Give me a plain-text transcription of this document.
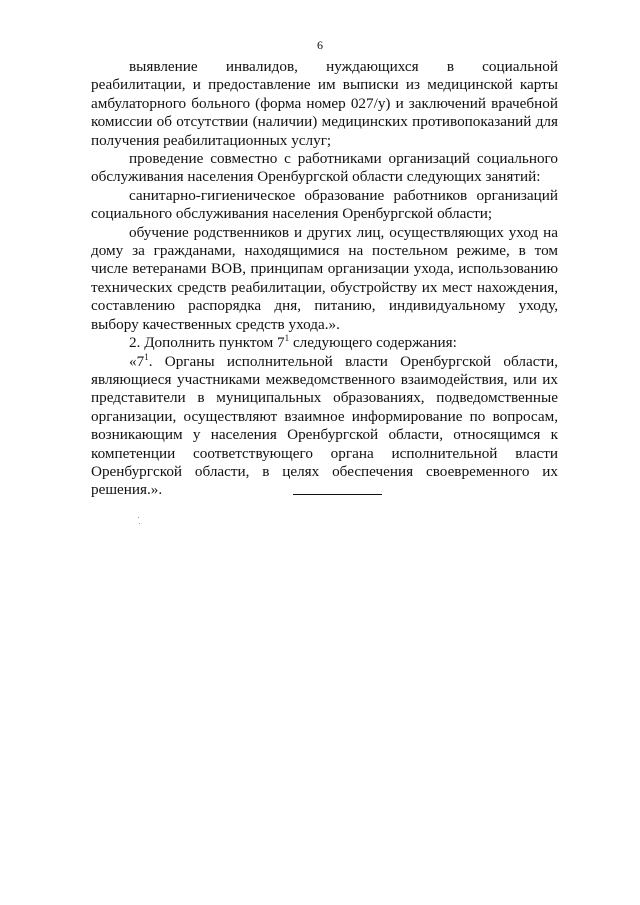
6

выявление инвалидов, нуждающихся в социальной реабилитации, и предоставление им выписки из медицинской карты амбулаторного больного (форма номер 027/у) и заключений врачебной комиссии об отсутствии (наличии) медицинских противопоказаний для получения реабилитационных услуг;

проведение совместно с работниками организаций социального обслуживания населения Оренбургской области следующих занятий:

санитарно-гигиеническое образование работников организаций социального обслуживания населения Оренбургской области;

обучение родственников и других лиц, осуществляющих уход на дому за гражданами, находящимися на постельном режиме, в том числе ветеранами ВОВ, принципам организации ухода, использованию технических средств реабилитации, обустройству их мест нахождения, составлению распорядка дня, питанию, индивидуальному уходу, выбору качественных средств ухода.».

2. Дополнить пунктом $7^1$ следующего содержания:

«$7^1$. Органы исполнительной власти Оренбургской области, являющиеся участниками межведомственного взаимодействия, или их представители в муниципальных образованиях, подведомственные организации, осуществляют взаимное информирование по вопросам, возникающим у населения Оренбургской области, относящимся к компетенции соответствующего органа исполнительной власти Оренбургской области, в целях обеспечения своевременного их решения.».
